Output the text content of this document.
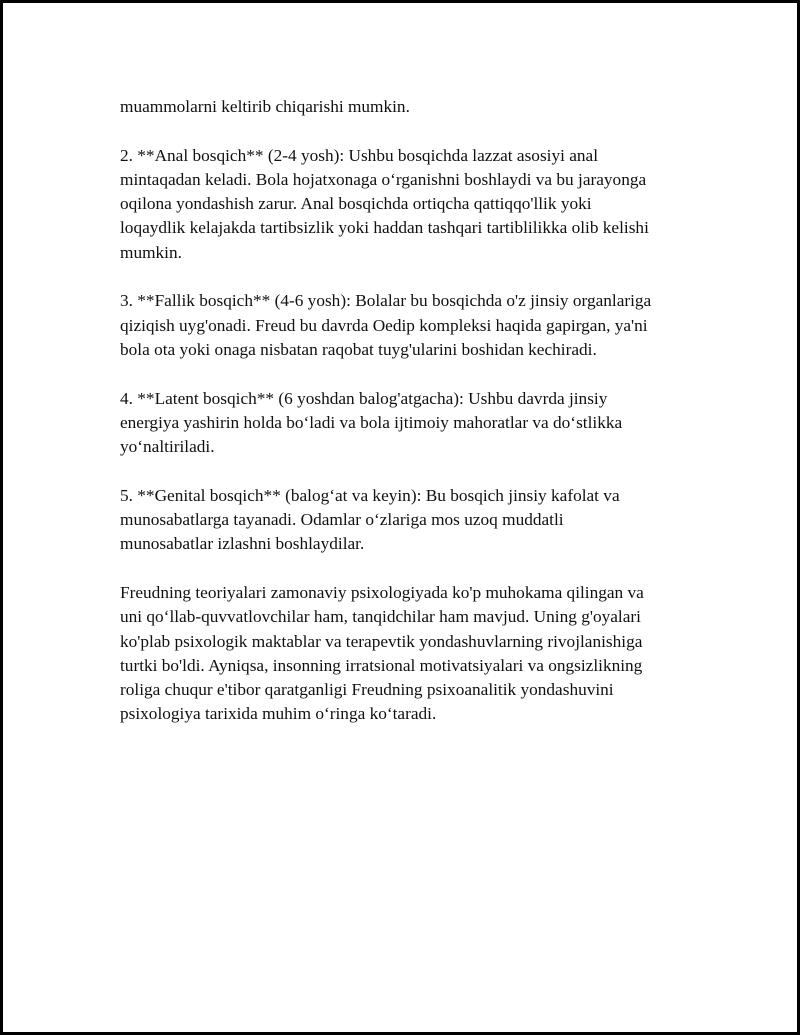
muammolarni keltirib chiqarishi mumkin.

2. **Anal bosqich** (2-4 yosh): Ushbu bosqichda lazzat asosiyi anal
mintaqadan keladi. Bola hojatxonaga o‘rganishni boshlaydi va bu jarayonga
oqilona yondashish zarur. Anal bosqichda ortiqcha qattiqqo'llik yoki
loqaydlik kelajakda tartibsizlik yoki haddan tashqari tartiblilikka olib kelishi
mumkin.

3. **Fallik bosqich** (4-6 yosh): Bolalar bu bosqichda o'z jinsiy organlariga
qiziqish uyg'onadi. Freud bu davrda Oedip kompleksi haqida gapirgan, ya'ni
bola ota yoki onaga nisbatan raqobat tuyg'ularini boshidan kechiradi.

4. **Latent bosqich** (6 yoshdan balog'atgacha): Ushbu davrda jinsiy
energiya yashirin holda bo‘ladi va bola ijtimoiy mahoratlar va do‘stlikka
yo‘naltiriladi.

5. **Genital bosqich** (balog‘at va keyin): Bu bosqich jinsiy kafolat va
munosabatlarga tayanadi. Odamlar o‘zlariga mos uzoq muddatli
munosabatlar izlashni boshlaydilar.

Freudning teoriyalari zamonaviy psixologiyada ko'p muhokama qilingan va
uni qo‘llab-quvvatlovchilar ham, tanqidchilar ham mavjud. Uning g'oyalari
ko'plab psixologik maktablar va terapevtik yondashuvlarning rivojlanishiga
turtki bo'ldi. Ayniqsa, insonning irratsional motivatsiyalari va ongsizlikning
roliga chuqur e'tibor qaratganligi Freudning psixoanalitik yondashuvini
psixologiya tarixida muhim o‘ringa ko‘taradi.
